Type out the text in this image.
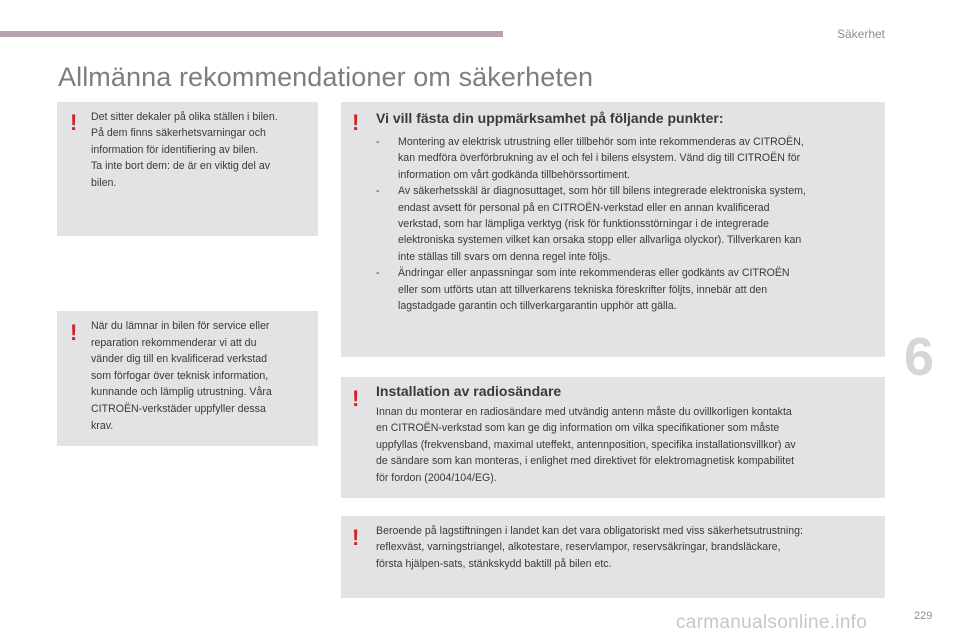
Säkerhet
Allmänna rekommendationer om säkerheten
! Det sitter dekaler på olika ställen i bilen.

På dem finns säkerhetsvarningar och

information för identifiering av bilen.

Ta inte bort dem: de är en viktig del av

bilen.

! När du lämnar in bilen för service eller

reparation rekommenderar vi att du

vänder dig till en kvalificerad verkstad

som förfogar över teknisk information,

kunnande och lämplig utrustning. Våra

CITROËN-verkstäder uppfyller dessa

krav.

! Vi vill fästa din uppmärksamhet på följande punkter:
- Montering av elektrisk utrustning eller tillbehör som inte rekommenderas av CITROËN,
kan medföra överförbrukning av el och fel i bilens elsystem. Vänd dig till CITROËN för
information om vårt godkända tillbehörssortiment.
- Av säkerhetsskäl är diagnosuttaget, som hör till bilens integrerade elektroniska system,
endast avsett för personal på en CITROËN-verkstad eller en annan kvalificerad
verkstad, som har lämpliga verktyg (risk för funktionsstörningar i de integrerade
elektroniska systemen vilket kan orsaka stopp eller allvarliga olyckor). Tillverkaren kan
inte ställas till svars om denna regel inte följs.
- Ändringar eller anpassningar som inte rekommenderas eller godkänts av CITROËN
eller som utförts utan att tillverkarens tekniska föreskrifter följts, innebär att den
lagstadgade garantin och tillverkargarantin upphör att gälla.
! Installation av radiosändare

Innan du monterar en radiosändare med utvändig antenn måste du ovillkorligen kontakta

en CITROËN-verkstad som kan ge dig information om vilka specifikationer som måste

uppfyllas (frekvensband, maximal uteffekt, antennposition, specifika installationsvillkor) av

de sändare som kan monteras, i enlighet med direktivet för elektromagnetisk kompabilitet

för fordon (2004/104/EG).

! Beroende på lagstiftningen i landet kan det vara obligatoriskt med viss säkerhetsutrustning:

reflexväst, varningstriangel, alkotestare, reservlampor, reservsäkringar, brandsläckare,

första hjälpen-sats, stänkskydd baktill på bilen etc.

6
carmanualsonline.info	229
